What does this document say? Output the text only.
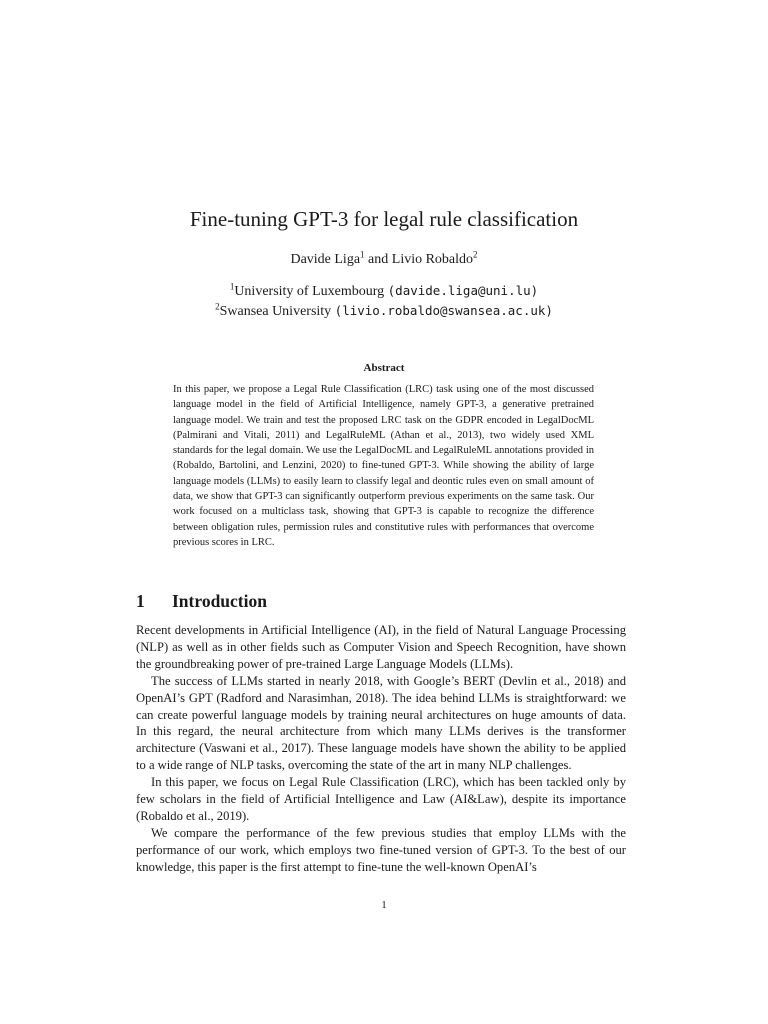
Fine-tuning GPT-3 for legal rule classification
Davide Liga$^1$ and Livio Robaldo$^2$
$^1$University of Luxembourg (davide.liga@uni.lu)
$^2$Swansea University (livio.robaldo@swansea.ac.uk)
Abstract
In this paper, we propose a Legal Rule Classification (LRC) task using one of the most discussed language model in the field of Artificial Intelligence, namely GPT-3, a generative pretrained language model. We train and test the proposed LRC task on the GDPR encoded in LegalDocML (Palmirani and Vitali, 2011) and LegalRuleML (Athan et al., 2013), two widely used XML standards for the legal domain. We use the LegalDocML and LegalRuleML annotations provided in (Robaldo, Bartolini, and Lenzini, 2020) to fine-tuned GPT-3. While showing the ability of large language models (LLMs) to easily learn to classify legal and deontic rules even on small amount of data, we show that GPT-3 can significantly outperform previous experiments on the same task. Our work focused on a multiclass task, showing that GPT-3 is capable to recognize the difference between obligation rules, permission rules and constitutive rules with performances that overcome previous scores in LRC.
1 Introduction

Recent developments in Artificial Intelligence (AI), in the field of Natural Language Processing (NLP) as well as in other fields such as Computer Vision and Speech Recognition, have shown the groundbreaking power of pre-trained Large Language Models (LLMs).

The success of LLMs started in nearly 2018, with Google’s BERT (Devlin et al., 2018) and OpenAI’s GPT (Radford and Narasimhan, 2018). The idea behind LLMs is straightforward: we can create powerful language models by training neural architectures on huge amounts of data. In this regard, the neural architecture from which many LLMs derives is the transformer architecture (Vaswani et al., 2017). These language models have shown the ability to be applied to a wide range of NLP tasks, overcoming the state of the art in many NLP challenges.

In this paper, we focus on Legal Rule Classification (LRC), which has been tackled only by few scholars in the field of Artificial Intelligence and Law (AI&Law), despite its importance (Robaldo et al., 2019).

We compare the performance of the few previous studies that employ LLMs with the performance of our work, which employs two fine-tuned version of GPT-3. To the best of our knowledge, this paper is the first attempt to fine-tune the well-known OpenAI’s

1
